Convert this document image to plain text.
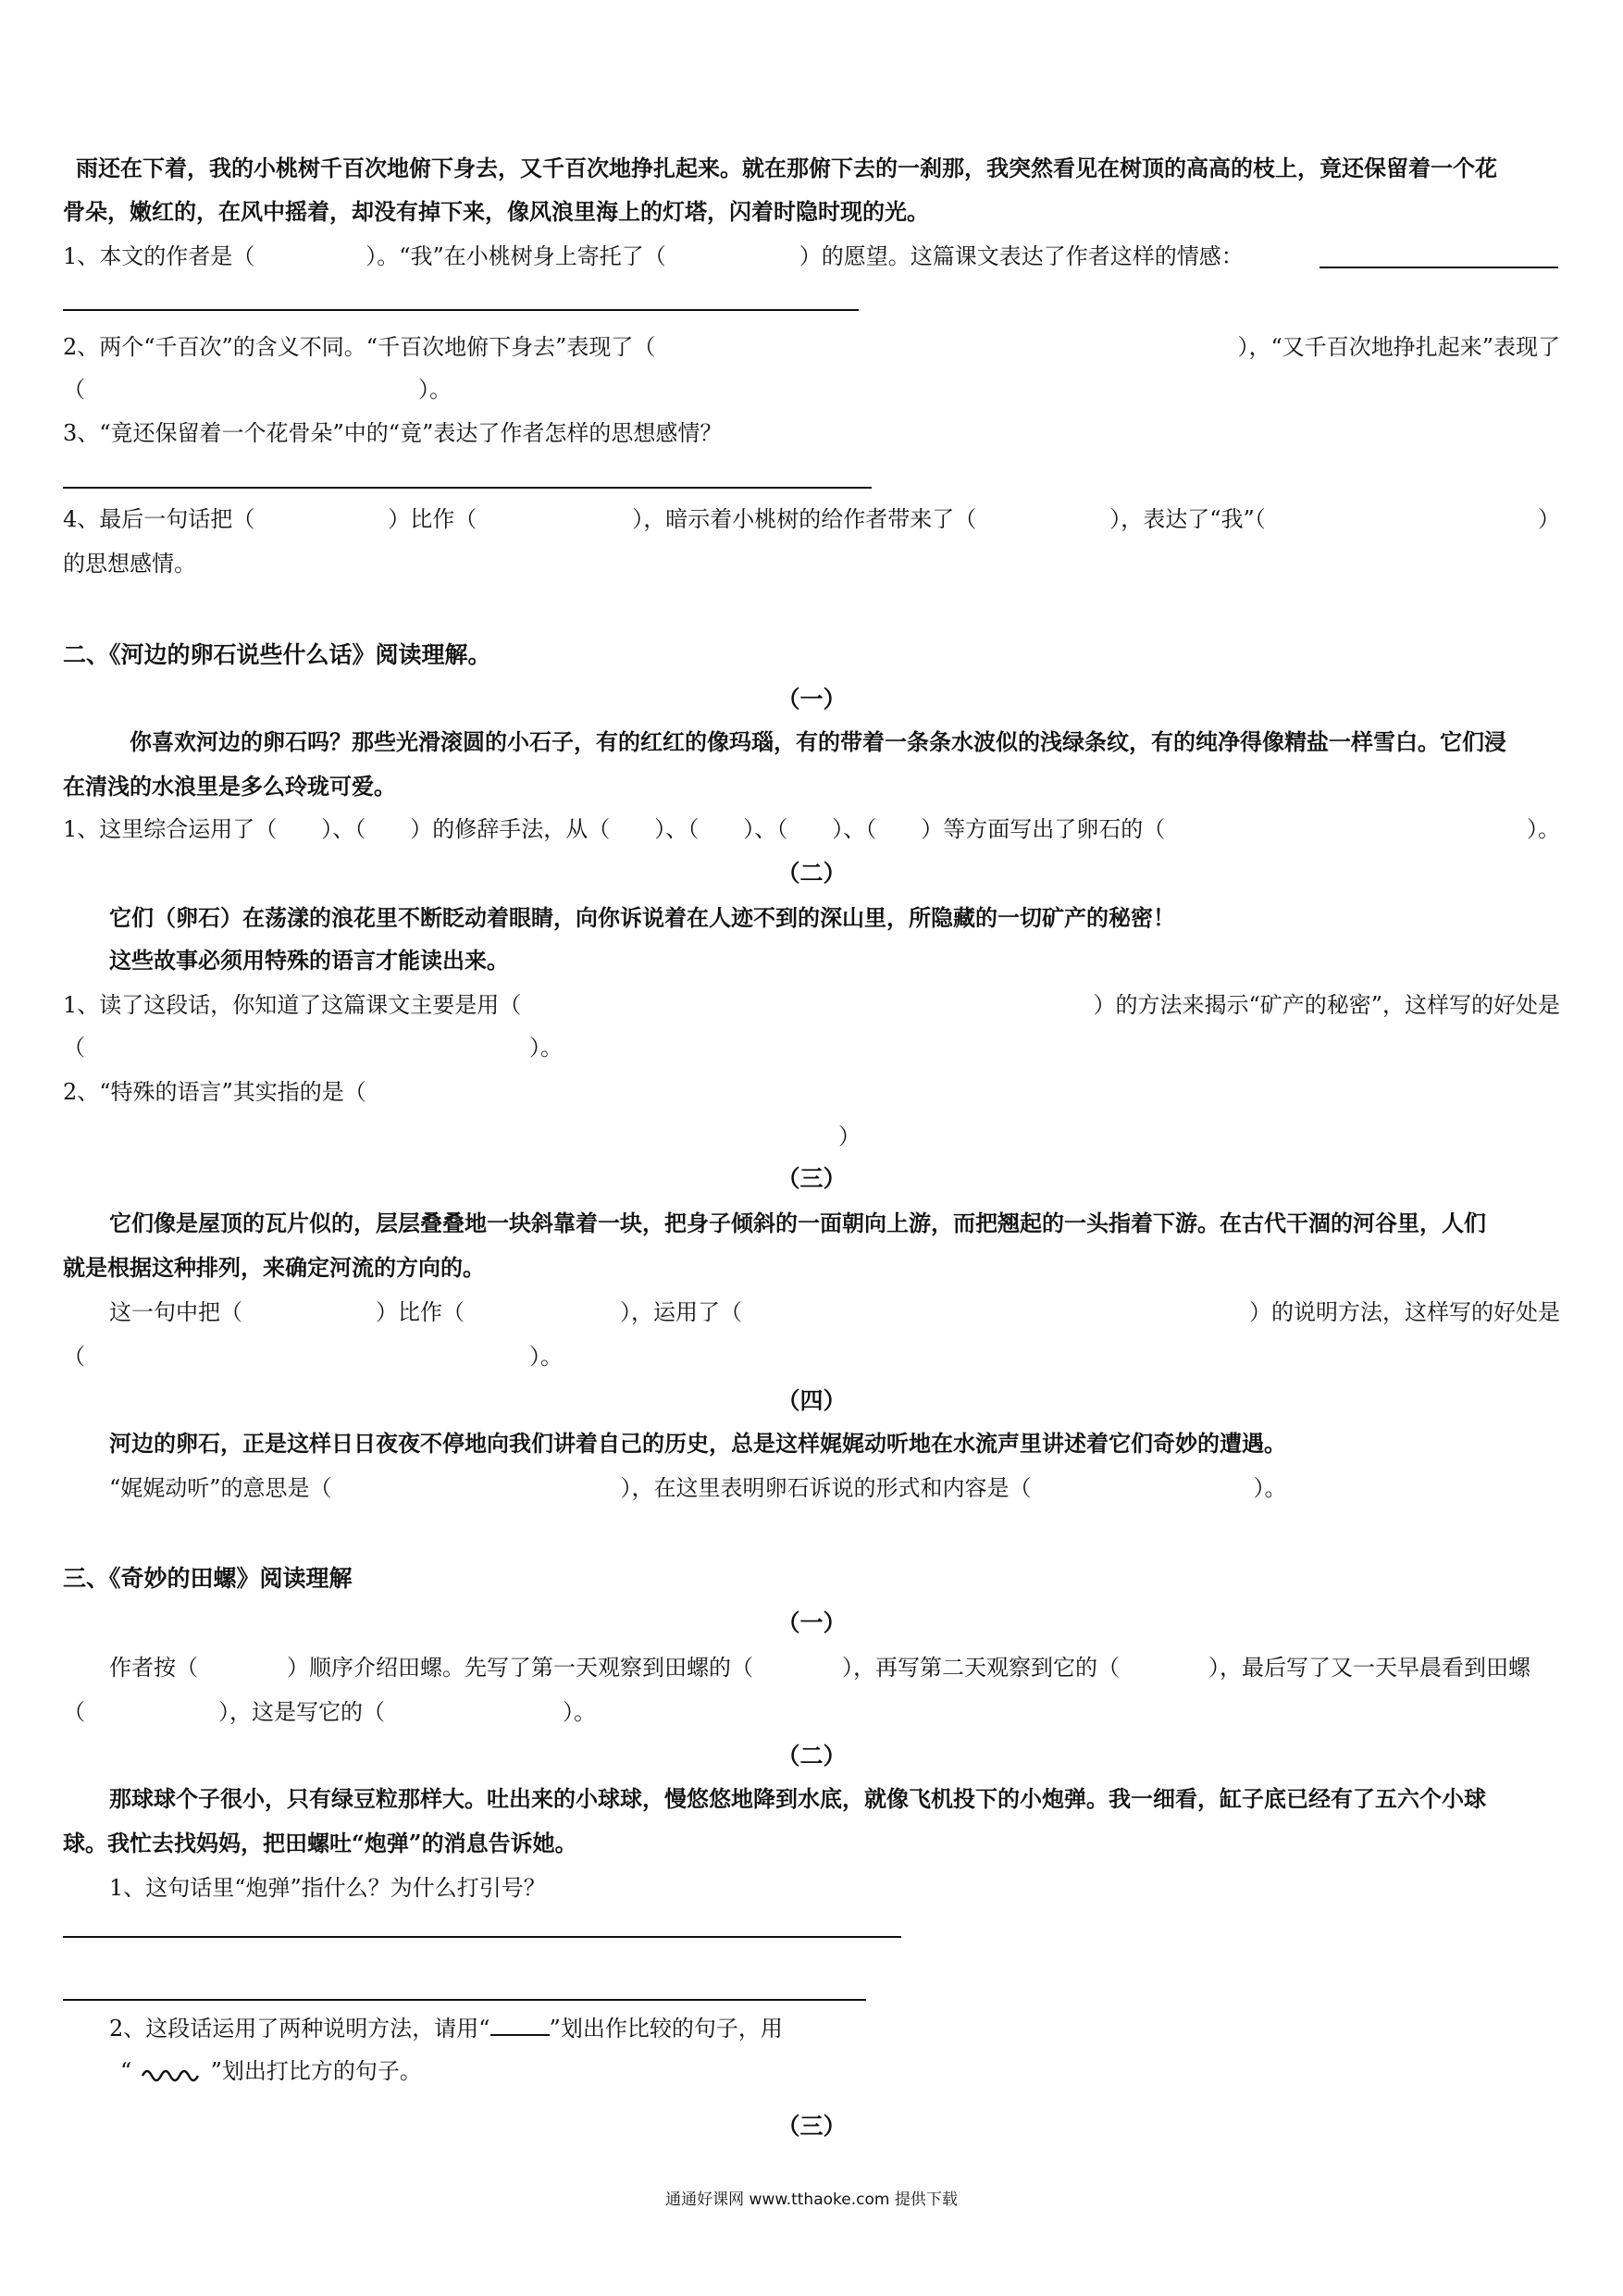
雨还在下着，我的小桃树千百次地俯下身去，又千百次地挣扎起来。就在那俯下去的一刹那，我突然看见在树顶的高高的枝上，竟还保留着一个花
骨朵，嫩红的，在风中摇着，却没有掉下来，像风浪里海上的灯塔，闪着时隐时现的光。
1、本文的作者是（　　　　　）。“我”在小桃树身上寄托了（　　　　　　）的愿望。这篇课文表达了作者这样的情感：
2、两个“千百次”的含义不同。“千百次地俯下身去”表现了（	），“又千百次地挣扎起来”表现了
（　　　　　　　　　　　　　　　）。
3、“竟还保留着一个花骨朵”中的“竟”表达了作者怎样的思想感情？
4、最后一句话把（　　　　　　）比作（　　　　　　　），暗示着小桃树的给作者带来了（　　　　　　），表达了“我”（	）
的思想感情。
二、《河边的卵石说些什么话》阅读理解。
（一）
你喜欢河边的卵石吗？那些光滑滚圆的小石子，有的红红的像玛瑙，有的带着一条条水波似的浅绿条纹，有的纯净得像精盐一样雪白。它们浸
在清浅的水浪里是多么玲珑可爱。
1、这里综合运用了（　　）、（　　）的修辞手法，从（　　）、（　　）、（　　）、（　　）等方面写出了卵石的（	）。
（二）
它们（卵石）在荡漾的浪花里不断眨动着眼睛，向你诉说着在人迹不到的深山里，所隐藏的一切矿产的秘密！
这些故事必须用特殊的语言才能读出来。
1、读了这段话，你知道了这篇课文主要是用（	）的方法来揭示“矿产的秘密”，这样写的好处是
（　　　　　　　　　　　　　　　　　　　　）。
2、“特殊的语言”其实指的是（
）
（三）
它们像是屋顶的瓦片似的，层层叠叠地一块斜靠着一块，把身子倾斜的一面朝向上游，而把翘起的一头指着下游。在古代干涸的河谷里，人们
就是根据这种排列，来确定河流的方向的。
这一句中把（　　　　　　）比作（　　　　　　　），运用了（	）的说明方法，这样写的好处是
（　　　　　　　　　　　　　　　　　　　　）。
（四）
河边的卵石，正是这样日日夜夜不停地向我们讲着自己的历史，总是这样娓娓动听地在水流声里讲述着它们奇妙的遭遇。
“娓娓动听”的意思是（　　　　　　　　　　　　　），在这里表明卵石诉说的形式和内容是（　　　　　　　　　　）。
三、《奇妙的田螺》阅读理解
（一）
作者按（　　　　）顺序介绍田螺。先写了第一天观察到田螺的（　　　　），再写第二天观察到它的（　　　　），最后写了又一天早晨看到田螺
（　　　　　　），这是写它的（　　　　　　　　）。
（二）
那球球个子很小，只有绿豆粒那样大。吐出来的小球球，慢悠悠地降到水底，就像飞机投下的小炮弹。我一细看，缸子底已经有了五六个小球
球。我忙去找妈妈，把田螺吐“炮弹”的消息告诉她。
1、这句话里“炮弹”指什么？为什么打引号？
2、这段话运用了两种说明方法，请用“	”划出作比较的句子，用
“	”划出打比方的句子。
（三）
通通好课网 www.tthaoke.com 提供下载
